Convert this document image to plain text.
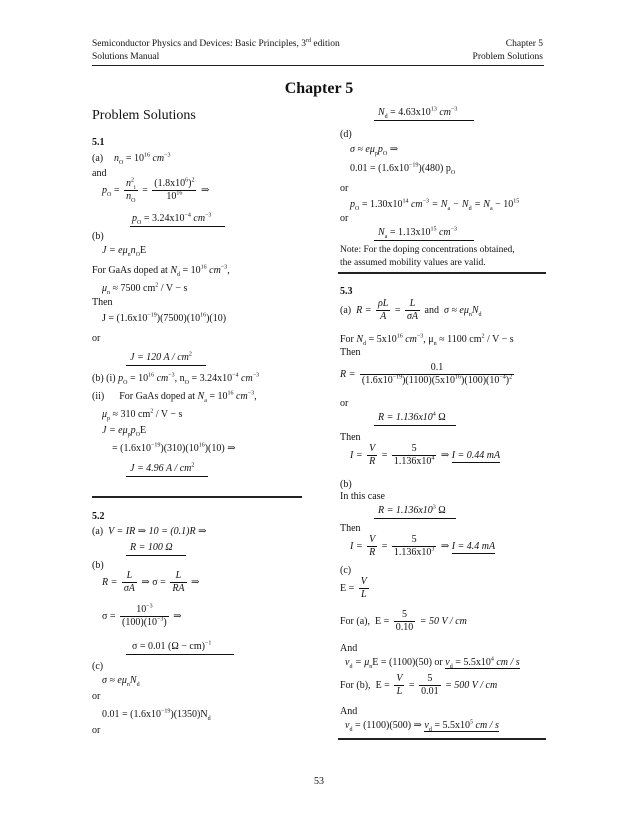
Semiconductor Physics and Devices: Basic Principles, 3rd edition
Solutions Manual
Chapter 5
Problem Solutions
Chapter 5
Problem Solutions
5.1
(a) $n_O = 10^{16}$ $cm^{-3}$
and
$p_O = \frac{n^2_i}{n_O} = \frac{(1.8x10^6)^2}{10^{16}}$ ⇒
$p_O = 3.24x10^{-4}$ $cm^{-3}$
(b)
$J = e\mu_nn_OE$
For GaAs doped at $N_d = 10^{16}$ $cm^{-3}$,
$\mu_n \approx 7500$ $cm^2 / V - s$
Then
$J = (1.6x10^{-19})(7500)(10^{16})(10)$
or
J = 120 A / $cm^2$
(b) (i) $p_O = 10^{16}$ $cm^{-3}$, $n_O = 3.24x10^{-4}$ $cm^{-3}$
(ii) For GaAs doped at $N_a = 10^{16}$ $cm^{-3}$,
$\mu_p \approx 310$ $cm^2 / V - s$
$J = e\mu_pp_OE$
= $(1.6x10^{-19})(310)(10^{16})(10)$ ⇒
J = 4.96 A / $cm^2$
5.2
(a) V = IR ⇒ 10 = (0.1)R ⇒
R = 100 Ω
(b)
$R = \frac{L}{\sigma A}$ ⇒ $\sigma = \frac{L}{RA}$ ⇒
$\sigma = \frac{10^{-3}}{(100)(10^{-3})}$ ⇒
σ = 0.01 (Ω − cm)$^{-1}$
(c)
$\sigma \approx e\mu_nN_d$
or
$0.01 = (1.6x10^{-19})(1350)N_d$
or
$N_d = 4.63x10^{13}$ $cm^{-3}$
(d)
$\sigma \approx e\mu_pp_O$ ⇒
$0.01 = (1.6x10^{-19})(480)$ $p_O$
or
$p_O = 1.30x10^{14}$ $cm^{-3} = N_a - N_d = N_a - 10^{15}$
or
$N_a = 1.13x10^{15}$ $cm^{-3}$
Note: For the doping concentrations obtained,
the assumed mobility values are valid.
5.3
(a) $R = \frac{\rho L}{A} = \frac{L}{\sigma A}$ and $\sigma \approx e\mu_nN_d$
For $N_d = 5x10^{16}$ $cm^{-3}$, $\mu_n \approx 1100$ $cm^2 / V - s$
Then
$R = \frac{0.1}{(1.6x10^{-19})(1100)(5x10^{16})(100)(10^{-4})^2}$
or
$R = 1.136x10^4$ Ω
Then
$I = \frac{V}{R} = \frac{5}{1.136x10^4}$ ⇒ I = 0.44 mA
(b)
In this case
$R = 1.136x10^3$ Ω
Then
$I = \frac{V}{R} = \frac{5}{1.136x10^3}$ ⇒ I = 4.4 mA
(c)
$E = \frac{V}{L}$
For (a), $E = \frac{5}{0.10} = 50$ V / cm
And
$v_d = \mu_nE = (1100)(50)$ or $v_d = 5.5x10^4$ cm / s
For (b), $E = \frac{V}{L} = \frac{5}{0.01} = 500$ V / cm
And
$v_d = (1100)(500)$ ⇒ $v_d = 5.5x10^5$ cm / s
53
